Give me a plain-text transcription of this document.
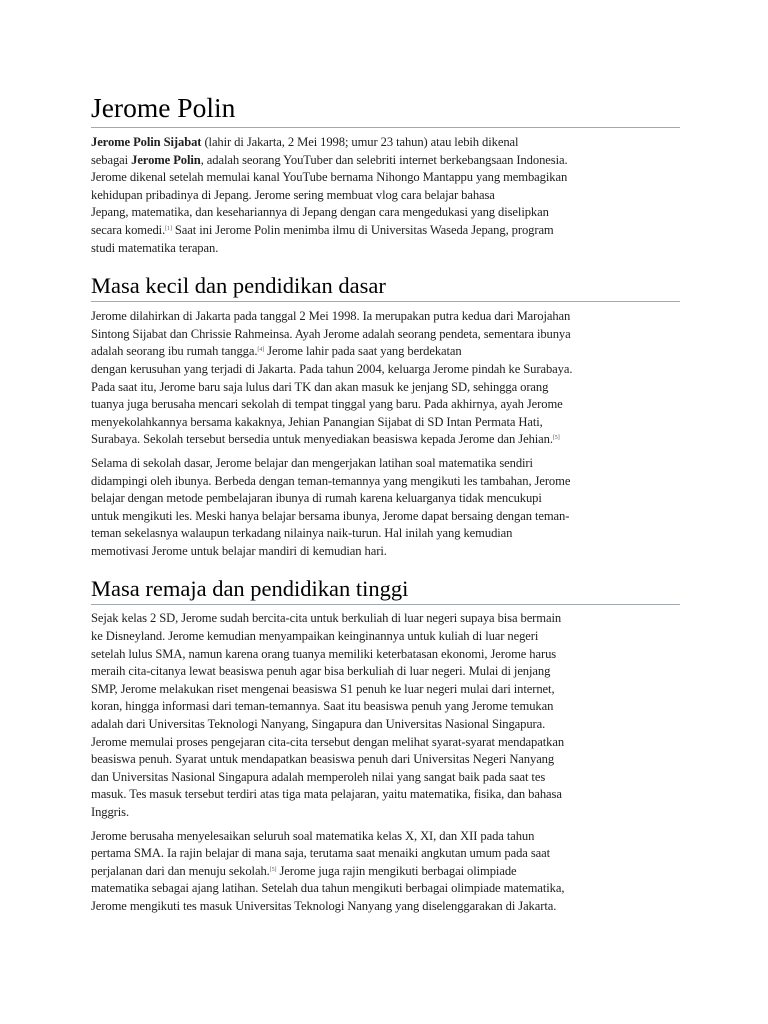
Jerome Polin

Jerome Polin Sijabat (lahir di Jakarta, 2 Mei 1998; umur 23 tahun) atau lebih dikenal
sebagai Jerome Polin, adalah seorang YouTuber dan selebriti internet berkebangsaan Indonesia.
Jerome dikenal setelah memulai kanal YouTube bernama Nihongo Mantappu yang membagikan
kehidupan pribadinya di Jepang. Jerome sering membuat vlog cara belajar bahasa
Jepang, matematika, dan kesehariannya di Jepang dengan cara mengedukasi yang diselipkan
secara komedi.[1] Saat ini Jerome Polin menimba ilmu di Universitas Waseda Jepang, program
studi matematika terapan.

Masa kecil dan pendidikan dasar

Jerome dilahirkan di Jakarta pada tanggal 2 Mei 1998. Ia merupakan putra kedua dari Marojahan
Sintong Sijabat dan Chrissie Rahmeinsa. Ayah Jerome adalah seorang pendeta, sementara ibunya
adalah seorang ibu rumah tangga.[4] Jerome lahir pada saat yang berdekatan
dengan kerusuhan yang terjadi di Jakarta. Pada tahun 2004, keluarga Jerome pindah ke Surabaya.
Pada saat itu, Jerome baru saja lulus dari TK dan akan masuk ke jenjang SD, sehingga orang
tuanya juga berusaha mencari sekolah di tempat tinggal yang baru. Pada akhirnya, ayah Jerome
menyekolahkannya bersama kakaknya, Jehian Panangian Sijabat di SD Intan Permata Hati,
Surabaya. Sekolah tersebut bersedia untuk menyediakan beasiswa kepada Jerome dan Jehian.[5]

Selama di sekolah dasar, Jerome belajar dan mengerjakan latihan soal matematika sendiri
didampingi oleh ibunya. Berbeda dengan teman-temannya yang mengikuti les tambahan, Jerome
belajar dengan metode pembelajaran ibunya di rumah karena keluarganya tidak mencukupi
untuk mengikuti les. Meski hanya belajar bersama ibunya, Jerome dapat bersaing dengan teman-
teman sekelasnya walaupun terkadang nilainya naik-turun. Hal inilah yang kemudian
memotivasi Jerome untuk belajar mandiri di kemudian hari.

Masa remaja dan pendidikan tinggi

Sejak kelas 2 SD, Jerome sudah bercita-cita untuk berkuliah di luar negeri supaya bisa bermain
ke Disneyland. Jerome kemudian menyampaikan keinginannya untuk kuliah di luar negeri
setelah lulus SMA, namun karena orang tuanya memiliki keterbatasan ekonomi, Jerome harus
meraih cita-citanya lewat beasiswa penuh agar bisa berkuliah di luar negeri. Mulai di jenjang
SMP, Jerome melakukan riset mengenai beasiswa S1 penuh ke luar negeri mulai dari internet,
koran, hingga informasi dari teman-temannya. Saat itu beasiswa penuh yang Jerome temukan
adalah dari Universitas Teknologi Nanyang, Singapura dan Universitas Nasional Singapura.
Jerome memulai proses pengejaran cita-cita tersebut dengan melihat syarat-syarat mendapatkan
beasiswa penuh. Syarat untuk mendapatkan beasiswa penuh dari Universitas Negeri Nanyang
dan Universitas Nasional Singapura adalah memperoleh nilai yang sangat baik pada saat tes
masuk. Tes masuk tersebut terdiri atas tiga mata pelajaran, yaitu matematika, fisika, dan bahasa
Inggris.

Jerome berusaha menyelesaikan seluruh soal matematika kelas X, XI, dan XII pada tahun
pertama SMA. Ia rajin belajar di mana saja, terutama saat menaiki angkutan umum pada saat
perjalanan dari dan menuju sekolah.[5] Jerome juga rajin mengikuti berbagai olimpiade
matematika sebagai ajang latihan. Setelah dua tahun mengikuti berbagai olimpiade matematika,
Jerome mengikuti tes masuk Universitas Teknologi Nanyang yang diselenggarakan di Jakarta.
